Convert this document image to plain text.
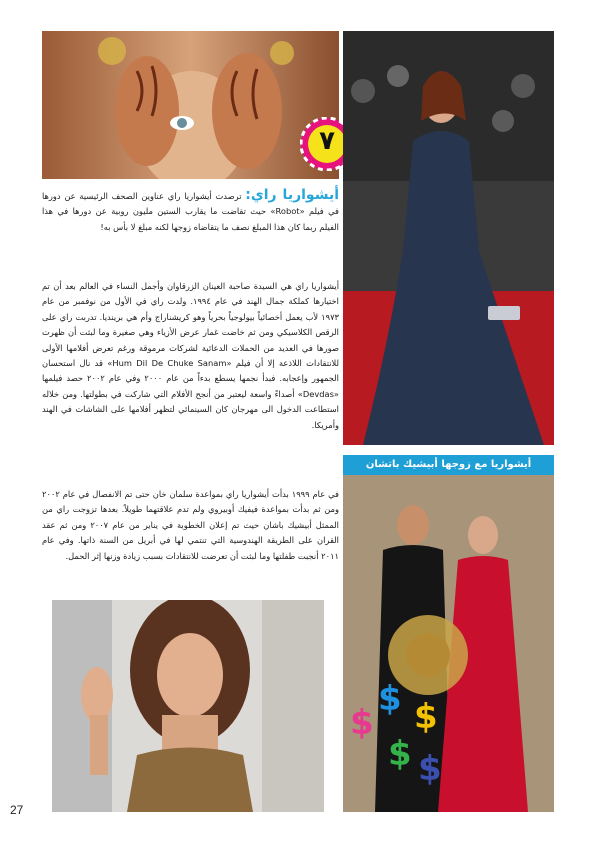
٧
أيشواريا راي: ترصدت أيشواريا راي عناوين الصحف الرئيسية عن دورها في فيلم «Robot» حيث تقاضت ما يقارب الستين مليون روبية عن دورها في هذا الفيلم ربما كان هذا المبلغ نصف ما يتقاضاه زوجها لكنه مبلغ لا بأس به!
أيشواريا راي هي السيدة صاحبة العينان الزرقاوان وأجمل النساء في العالم بعد أن تم اختيارها كملكة جمال الهند في عام ١٩٩٤. ولدت راي في الأول من نوفمبر من عام ١٩٧٣ لأب يعمل أخصائياً بيولوجياً بحرياً وهو كريشناراج وأم هي برينديا. تدربت راي على الرقص الكلاسيكي ومن ثم خاضت غمار عرض الأزياء وهي صغيرة وما لبثت أن ظهرت صورها في العديد من الحملات الدعائية لشركات مرموقة ورغم تعرض أفلامها الأولى للانتقادات اللاذعة إلا أن فيلم «Hum Dil De Chuke Sanam» قد نال استحسان الجمهور وإعجابه. فبدأ نجمها يسطع بدءاً من عام ٢٠٠٠ وفي عام ٢٠٠٢ حصد فيلمها «Devdas» أصداءً واسعة ليعتبر من أنجح الأفلام التي شاركت في بطولتها. ومن خلاله استطاعت الدخول الى مهرجان كان السينمائي لتظهر أفلامها على الشاشات في الهند وأمريكا.
في عام ١٩٩٩ بدأت أيشواريا راي بمواعدة سلمان خان حتى تم الانفصال في عام ٢٠٠٢ ومن ثم بدأت بمواعدة فيفيك أوبيروي ولم تدم علاقتهما طويلاً. بعدها تزوجت راي من الممثل أبيشيك باشان حيث تم إعلان الخطوبة في يناير من عام ٢٠٠٧ ومن ثم عقد القران على الطريقة الهندوسية التي تنتمي لها في أبريل من السنة ذاتها. وفي عام ٢٠١١ أنجبت طفلتها وما لبثت أن تعرضت للانتقادات بسبب زيادة وزنها إثر الحمل.
أيشواريا مع زوجها أبيشيك باتشان
$
$ $
$ $
27
